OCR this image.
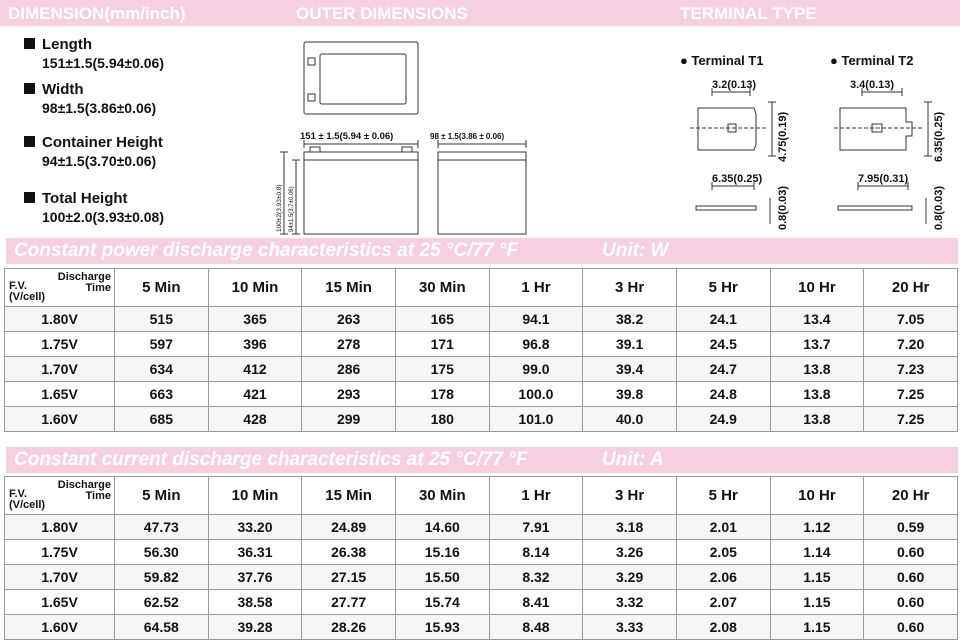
DIMENSION(mm/inch)	OUTER DIMENSIONS	TERMINAL TYPE
Length
151±1.5(5.94±0.06)
Width
98±1.5(3.86±0.06)
Container Height
94±1.5(3.70±0.06)
Total Height
100±2.0(3.93±0.08)
151 ± 1.5(5.94 ± 0.06)	98 ± 1.5(3.86 ± 0.06)
100±2(3.93±0.8) 94±1.5(3.7±0.06)
● Terminal T1	● Terminal T2
3.2(0.13)
4.75(0.19)
6.35(0.25)
0.8(0.03)
3.4(0.13)
6.35(0.25)
7.95(0.31)
0.8(0.03)
Constant power discharge characteristics at 25 °C/77 °F	Unit: W
Discharge
Time
F.V.
(V/cell)	5 Min	10 Min	15 Min	30 Min	1 Hr	3 Hr	5 Hr	10 Hr	20 Hr
1.80V	515	365	263	165	94.1	38.2	24.1	13.4	7.05
1.75V	597	396	278	171	96.8	39.1	24.5	13.7	7.20
1.70V	634	412	286	175	99.0	39.4	24.7	13.8	7.23
1.65V	663	421	293	178	100.0	39.8	24.8	13.8	7.25
1.60V	685	428	299	180	101.0	40.0	24.9	13.8	7.25
Constant current discharge characteristics at 25 °C/77 °F	Unit: A
Discharge
Time
F.V.
(V/cell)	5 Min	10 Min	15 Min	30 Min	1 Hr	3 Hr	5 Hr	10 Hr	20 Hr
1.80V	47.73	33.20	24.89	14.60	7.91	3.18	2.01	1.12	0.59
1.75V	56.30	36.31	26.38	15.16	8.14	3.26	2.05	1.14	0.60
1.70V	59.82	37.76	27.15	15.50	8.32	3.29	2.06	1.15	0.60
1.65V	62.52	38.58	27.77	15.74	8.41	3.32	2.07	1.15	0.60
1.60V	64.58	39.28	28.26	15.93	8.48	3.33	2.08	1.15	0.60
